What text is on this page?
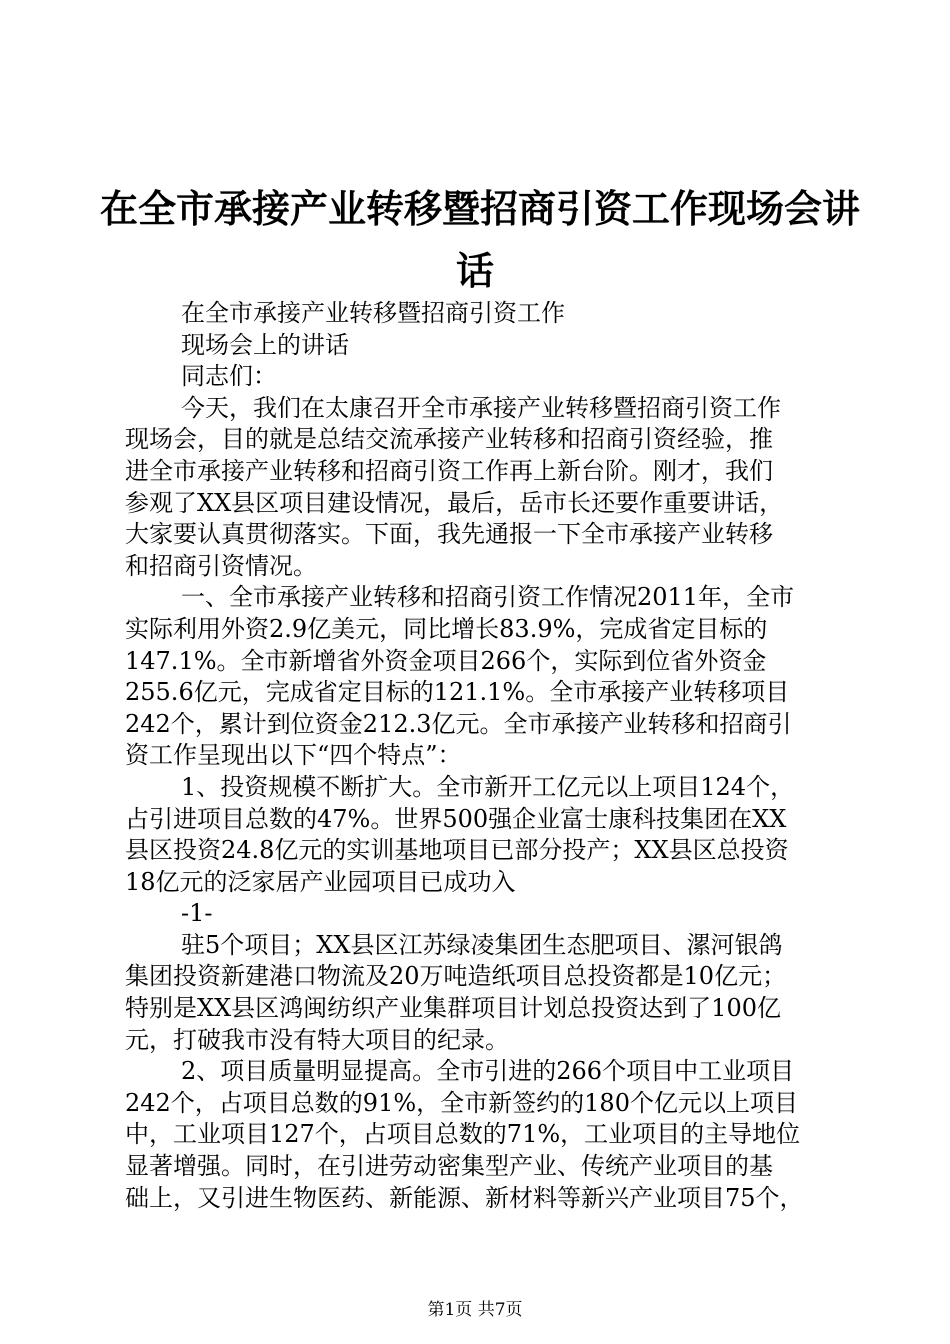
在全市承接产业转移暨招商引资工作现场会讲
话
在全市承接产业转移暨招商引资工作
现场会上的讲话
同志们：
今天，我们在太康召开全市承接产业转移暨招商引资工作
现场会，目的就是总结交流承接产业转移和招商引资经验，推
进全市承接产业转移和招商引资工作再上新台阶。刚才，我们
参观了XX县区项目建设情况，最后，岳市长还要作重要讲话，
大家要认真贯彻落实。下面，我先通报一下全市承接产业转移
和招商引资情况。
一、全市承接产业转移和招商引资工作情况2011年，全市
实际利用外资2.9亿美元，同比增长83.9%，完成省定目标的
147.1%。全市新增省外资金项目266个，实际到位省外资金
255.6亿元，完成省定目标的121.1%。全市承接产业转移项目
242个，累计到位资金212.3亿元。全市承接产业转移和招商引
资工作呈现出以下“四个特点”：
1、投资规模不断扩大。全市新开工亿元以上项目124个，
占引进项目总数的47%。世界500强企业富士康科技集团在XX
县区投资24.8亿元的实训基地项目已部分投产；XX县区总投资
18亿元的泛家居产业园项目已成功入
-1-
驻5个项目；XX县区江苏绿凌集团生态肥项目、漯河银鸽
集团投资新建港口物流及20万吨造纸项目总投资都是10亿元；
特别是XX县区鸿闽纺织产业集群项目计划总投资达到了100亿
元，打破我市没有特大项目的纪录。
2、项目质量明显提高。全市引进的266个项目中工业项目
242个，占项目总数的91%，全市新签约的180个亿元以上项目
中，工业项目127个，占项目总数的71%，工业项目的主导地位
显著增强。同时，在引进劳动密集型产业、传统产业项目的基
础上，又引进生物医药、新能源、新材料等新兴产业项目75个，
第1页 共7页
